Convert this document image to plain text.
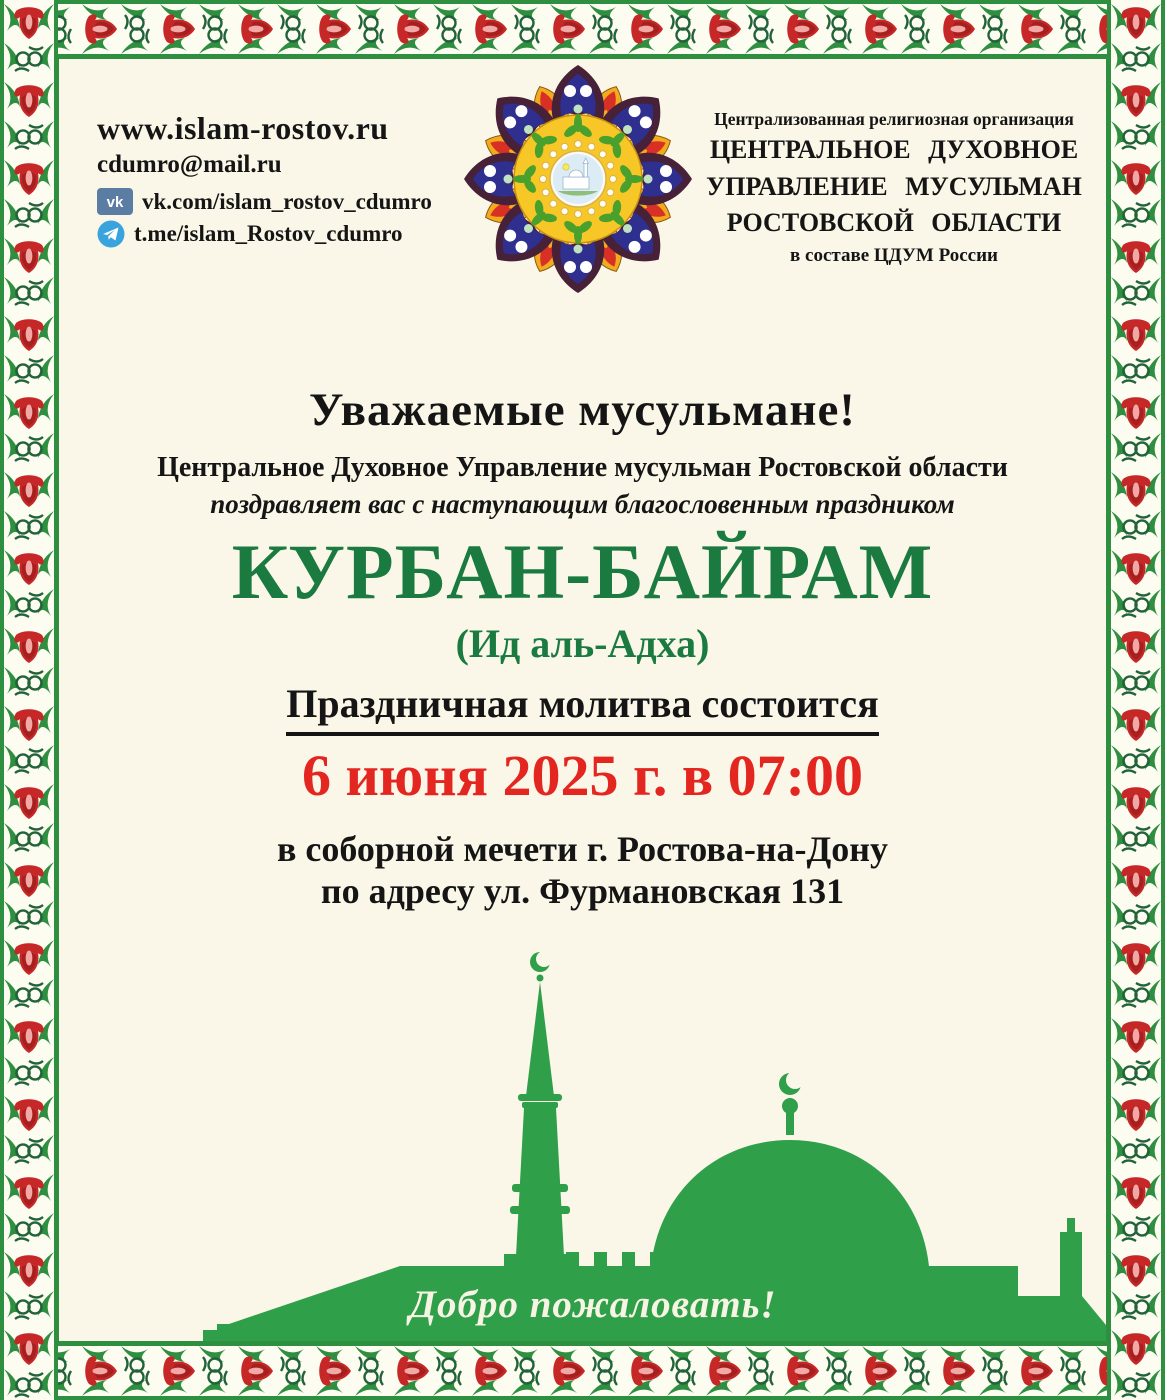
www.islam-rostov.ru
cdumro@mail.ru
vk vk.com/islam_rostov_cdumro
t.me/islam_Rostov_cdumro
Централизованная религиозная организация
ЦЕНТРАЛЬНОЕ ДУХОВНОЕ
УПРАВЛЕНИЕ МУСУЛЬМАН
РОСТОВСКОЙ ОБЛАСТИ
в составе ЦДУМ России
Уважаемые мусульмане!
Центральное Духовное Управление мусульман Ростовской области
поздравляет вас с наступающим благословенным праздником
КУРБАН-БАЙРАМ
(Ид аль-Адха)
Праздничная молитва состоится
6 июня 2025 г. в 07:00
в соборной мечети г. Ростова-на-Дону
по адресу ул. Фурмановская 131
Добро пожаловать!
